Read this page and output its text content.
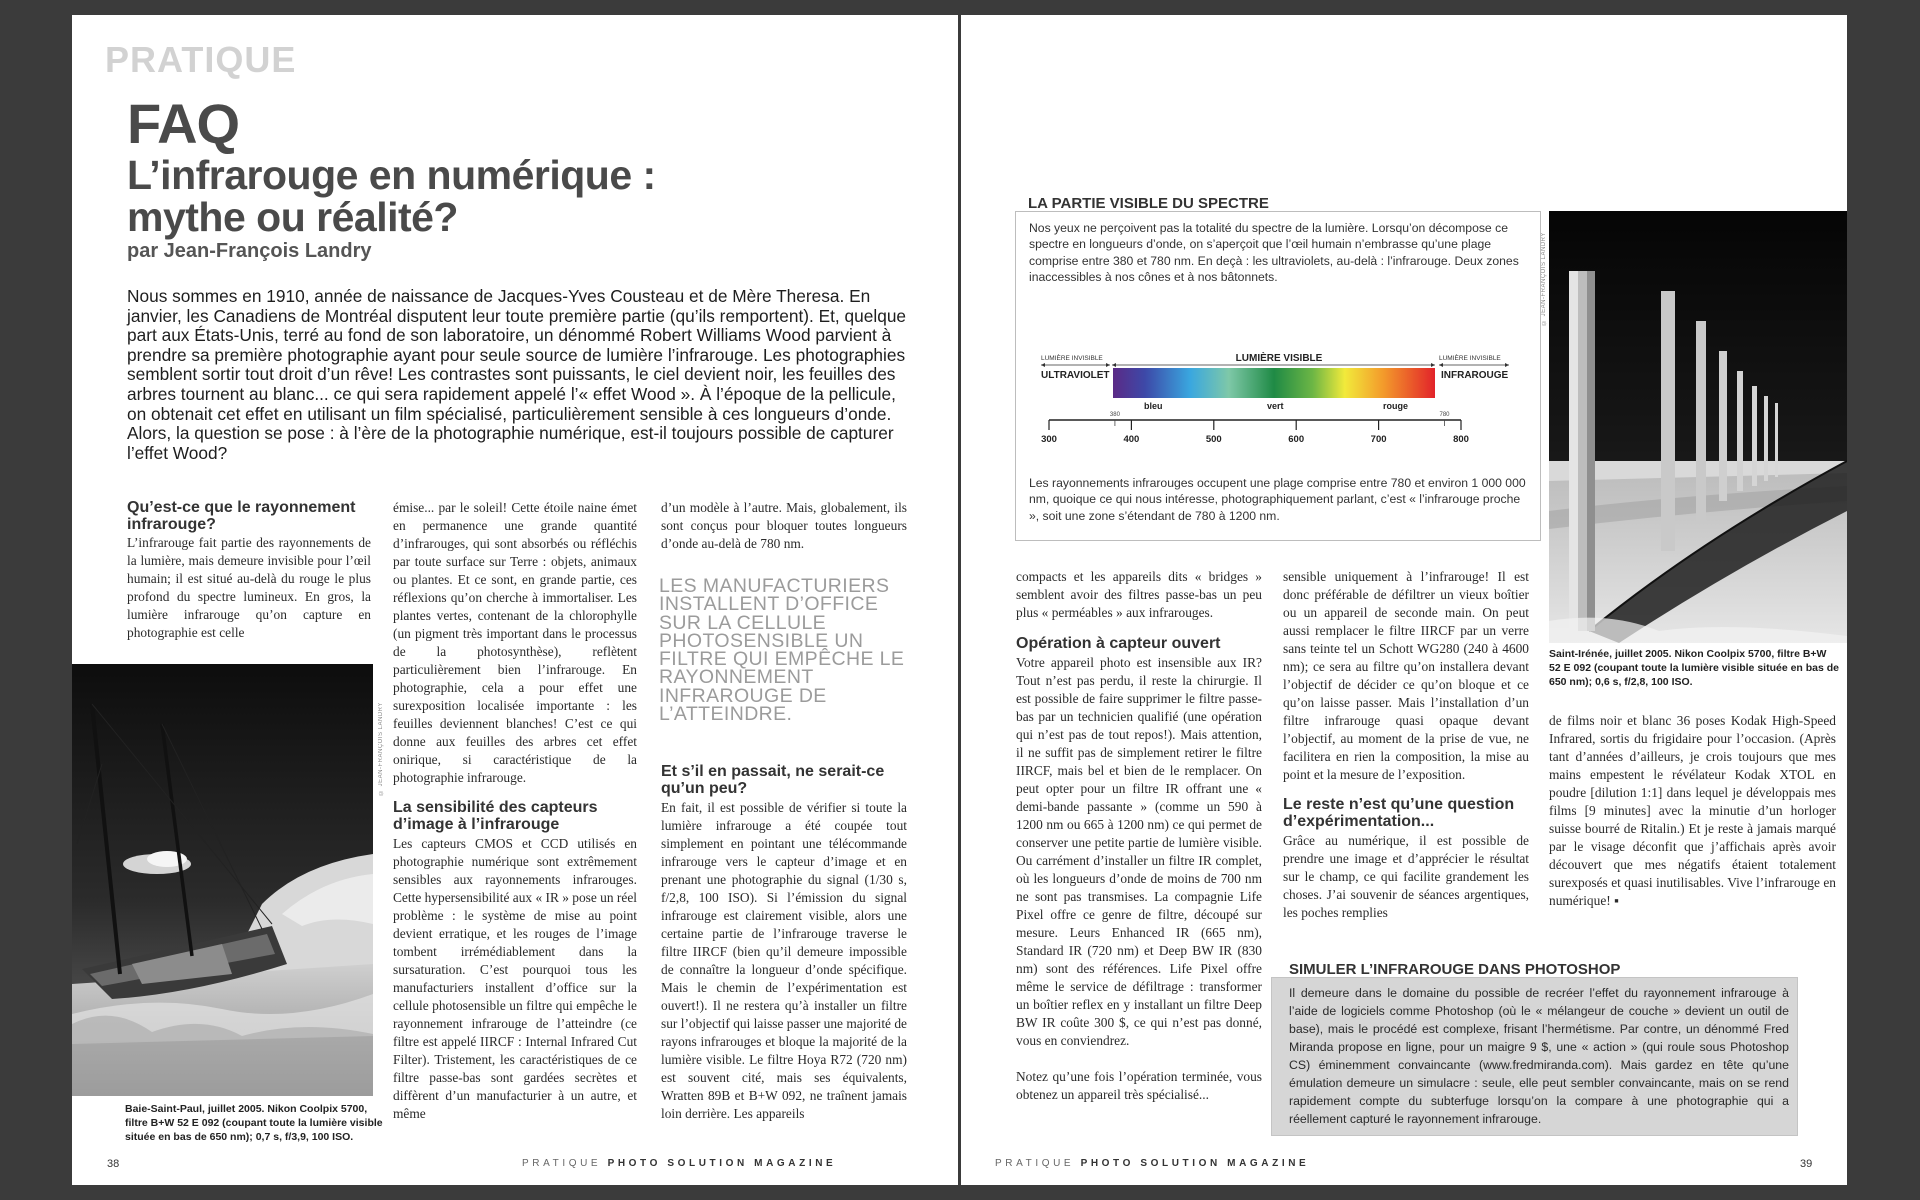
PRATIQUE
FAQ
L’infrarouge en numérique : mythe ou réalité?
par Jean-François Landry
Nous sommes en 1910, année de naissance de Jacques-Yves Cousteau et de Mère Theresa. En janvier, les Canadiens de Montréal disputent leur toute première partie (qu’ils remportent). Et, quelque part aux États-Unis, terré au fond de son laboratoire, un dénommé Robert Williams Wood parvient à prendre sa première photographie ayant pour seule source de lumière l’infrarouge. Les photographies semblent sortir tout droit d’un rêve! Les contrastes sont puissants, le ciel devient noir, les feuilles des arbres tournent au blanc... ce qui sera rapidement appelé l’« effet Wood ». À l’époque de la pellicule, on obtenait cet effet en utilisant un film spécialisé, particulièrement sensible à ces longueurs d’onde. Alors, la question se pose : à l’ère de la photographie numérique, est-il toujours possible de capturer l’effet Wood?
Qu’est-ce que le rayonnement infrarouge?
L’infrarouge fait partie des rayonnements de la lumière, mais demeure invisible pour l’œil humain; il est situé au-delà du rouge le plus profond du spectre lumineux. En gros, la lumière infrarouge qu’on capture en photographie est celle
© JEAN-FRANÇOIS LANDRY
Baie-Saint-Paul, juillet 2005. Nikon Coolpix 5700, filtre B+W 52 E 092 (coupant toute la lumière visible située en bas de 650 nm); 0,7 s, f/3,9, 100 ISO.
émise... par le soleil! Cette étoile naine émet en permanence une grande quantité d’infrarouges, qui sont absorbés ou réfléchis par toute surface sur Terre : objets, animaux ou plantes. Et ce sont, en grande partie, ces réflexions qu’on cherche à immortaliser. Les plantes vertes, contenant de la chlorophylle (un pigment très important dans le processus de la photosynthèse), reflètent particulièrement bien l’infrarouge. En photographie, cela a pour effet une surexposition localisée importante : les feuilles deviennent blanches! C’est ce qui donne aux feuilles des arbres cet effet onirique, si caractéristique de la photographie infrarouge.
La sensibilité des capteurs d’image à l’infrarouge
Les capteurs CMOS et CCD utilisés en photographie numérique sont extrêmement sensibles aux rayonnements infrarouges. Cette hypersensibilité aux « IR » pose un réel problème : le système de mise au point devient erratique, et les rouges de l’image tombent irrémédiablement dans la sursaturation. C’est pourquoi tous les manufacturiers installent d’office sur la cellule photosensible un filtre qui empêche le rayonnement infrarouge de l’atteindre (ce filtre est appelé IIRCF : Internal Infrared Cut Filter). Tristement, les caractéristiques de ce filtre passe-bas sont gardées secrètes et diffèrent d’un manufacturier à un autre, et même
d’un modèle à l’autre. Mais, globalement, ils sont conçus pour bloquer toutes longueurs d’onde au-delà de 780 nm.
LES MANUFACTURIERS INSTALLENT D’OFFICE SUR LA CELLULE PHOTOSENSIBLE UN FILTRE QUI EMPÊCHE LE RAYONNEMENT INFRAROUGE DE L’ATTEINDRE.
Et s’il en passait, ne serait-ce qu’un peu?
En fait, il est possible de vérifier si toute la lumière infrarouge a été coupée tout simplement en pointant une télécommande infrarouge vers le capteur d’image et en prenant une photographie du signal (1/30 s, f/2,8, 100 ISO). Si l’émission du signal infrarouge est clairement visible, alors une certaine partie de l’infrarouge traverse le filtre IIRCF (bien qu’il demeure impossible de connaître la longueur d’onde spécifique. Mais le chemin de l’expérimentation est ouvert!). Il ne restera qu’à installer un filtre sur l’objectif qui laisse passer une majorité de rayons infrarouges et bloque la majorité de la lumière visible. Le filtre Hoya R72 (720 nm) est souvent cité, mais ses équivalents, Wratten 89B et B+W 092, ne traînent jamais loin derrière. Les appareils
38	PRATIQUE PHOTO SOLUTION MAGAZINE
LA PARTIE VISIBLE DU SPECTRE
Nos yeux ne perçoivent pas la totalité du spectre de la lumière. Lorsqu’on décompose ce spectre en longueurs d’onde, on s’aperçoit que l’œil humain n’embrasse qu’une plage comprise entre 380 et 780 nm. En deçà : les ultraviolets, au-delà : l’infrarouge. Deux zones inaccessibles à nos cônes et à nos bâtonnets.
LUMIÈRE INVISIBLE	LUMIÈRE VISIBLE	LUMIÈRE INVISIBLE
ULTRAVIOLET	INFRAROUGE
bleu	vert	rouge
300	400	500	600	700	800
380	780
Les rayonnements infrarouges occupent une plage comprise entre 780 et environ 1 000 000 nm, quoique ce qui nous intéresse, photographiquement parlant, c’est « l’infrarouge proche », soit une zone s’étendant de 780 à 1200 nm.
© JEAN-FRANÇOIS LANDRY
Saint-Irénée, juillet 2005. Nikon Coolpix 5700, filtre B+W 52 E 092 (coupant toute la lumière visible située en bas de 650 nm); 0,6 s, f/2,8, 100 ISO.
compacts et les appareils dits « bridges » semblent avoir des filtres passe-bas un peu plus « perméables » aux infrarouges.
Opération à capteur ouvert
Votre appareil photo est insensible aux IR? Tout n’est pas perdu, il reste la chirurgie. Il est possible de faire supprimer le filtre passe-bas par un technicien qualifié (une opération qui n’est pas de tout repos!). Mais attention, il ne suffit pas de simplement retirer le filtre IIRCF, mais bel et bien de le remplacer. On peut opter pour un filtre IR offrant une « demi-bande passante » (comme un 590 à 1200 nm ou 665 à 1200 nm) ce qui permet de conserver une petite partie de lumière visible. Ou carrément d’installer un filtre IR complet, où les longueurs d’onde de moins de 700 nm ne sont pas transmises. La compagnie Life Pixel offre ce genre de filtre, découpé sur mesure. Leurs Enhanced IR (665 nm), Standard IR (720 nm) et Deep BW IR (830 nm) sont des références. Life Pixel offre même le service de défiltrage : transformer un boîtier reflex en y installant un filtre Deep BW IR coûte 300 $, ce qui n’est pas donné, vous en conviendrez.
Notez qu’une fois l’opération terminée, vous obtenez un appareil très spécialisé...
sensible uniquement à l’infrarouge! Il est donc préférable de défiltrer un vieux boîtier ou un appareil de seconde main. On peut aussi remplacer le filtre IIRCF par un verre sans teinte tel un Schott WG280 (240 à 4600 nm); ce sera au filtre qu’on installera devant l’objectif de décider ce qu’on bloque et ce qu’on laisse passer. Mais l’installation d’un filtre infrarouge quasi opaque devant l’objectif, au moment de la prise de vue, ne facilitera en rien la composition, la mise au point et la mesure de l’exposition.
Le reste n’est qu’une question d’expérimentation...
Grâce au numérique, il est possible de prendre une image et d’apprécier le résultat sur le champ, ce qui facilite grandement les choses. J’ai souvenir de séances argentiques, les poches remplies
de films noir et blanc 36 poses Kodak High-Speed Infrared, sortis du frigidaire pour l’occasion. (Après tant d’années d’ailleurs, je crois toujours que mes mains empestent le révélateur Kodak XTOL en poudre [dilution 1:1] dans lequel je développais mes films [9 minutes] avec la minutie d’un horloger suisse bourré de Ritalin.) Et je reste à jamais marqué par le visage déconfit que j’affichais après avoir découvert que mes négatifs étaient totalement surexposés et quasi inutilisables. Vive l’infrarouge en numérique! ▪
SIMULER L’INFRAROUGE DANS PHOTOSHOP
Il demeure dans le domaine du possible de recréer l’effet du rayonnement infrarouge à l’aide de logiciels comme Photoshop (où le « mélangeur de couche » devient un outil de base), mais le procédé est complexe, frisant l’hermétisme. Par contre, un dénommé Fred Miranda propose en ligne, pour un maigre 9 $, une « action » (qui roule sous Photoshop CS) éminemment convaincante (www.fredmiranda.com). Mais gardez en tête qu’une émulation demeure un simulacre : seule, elle peut sembler convaincante, mais on se rend rapidement compte du subterfuge lorsqu’on la compare à une photographie qui a réellement capturé le rayonnement infrarouge.
PRATIQUE PHOTO SOLUTION MAGAZINE	39
